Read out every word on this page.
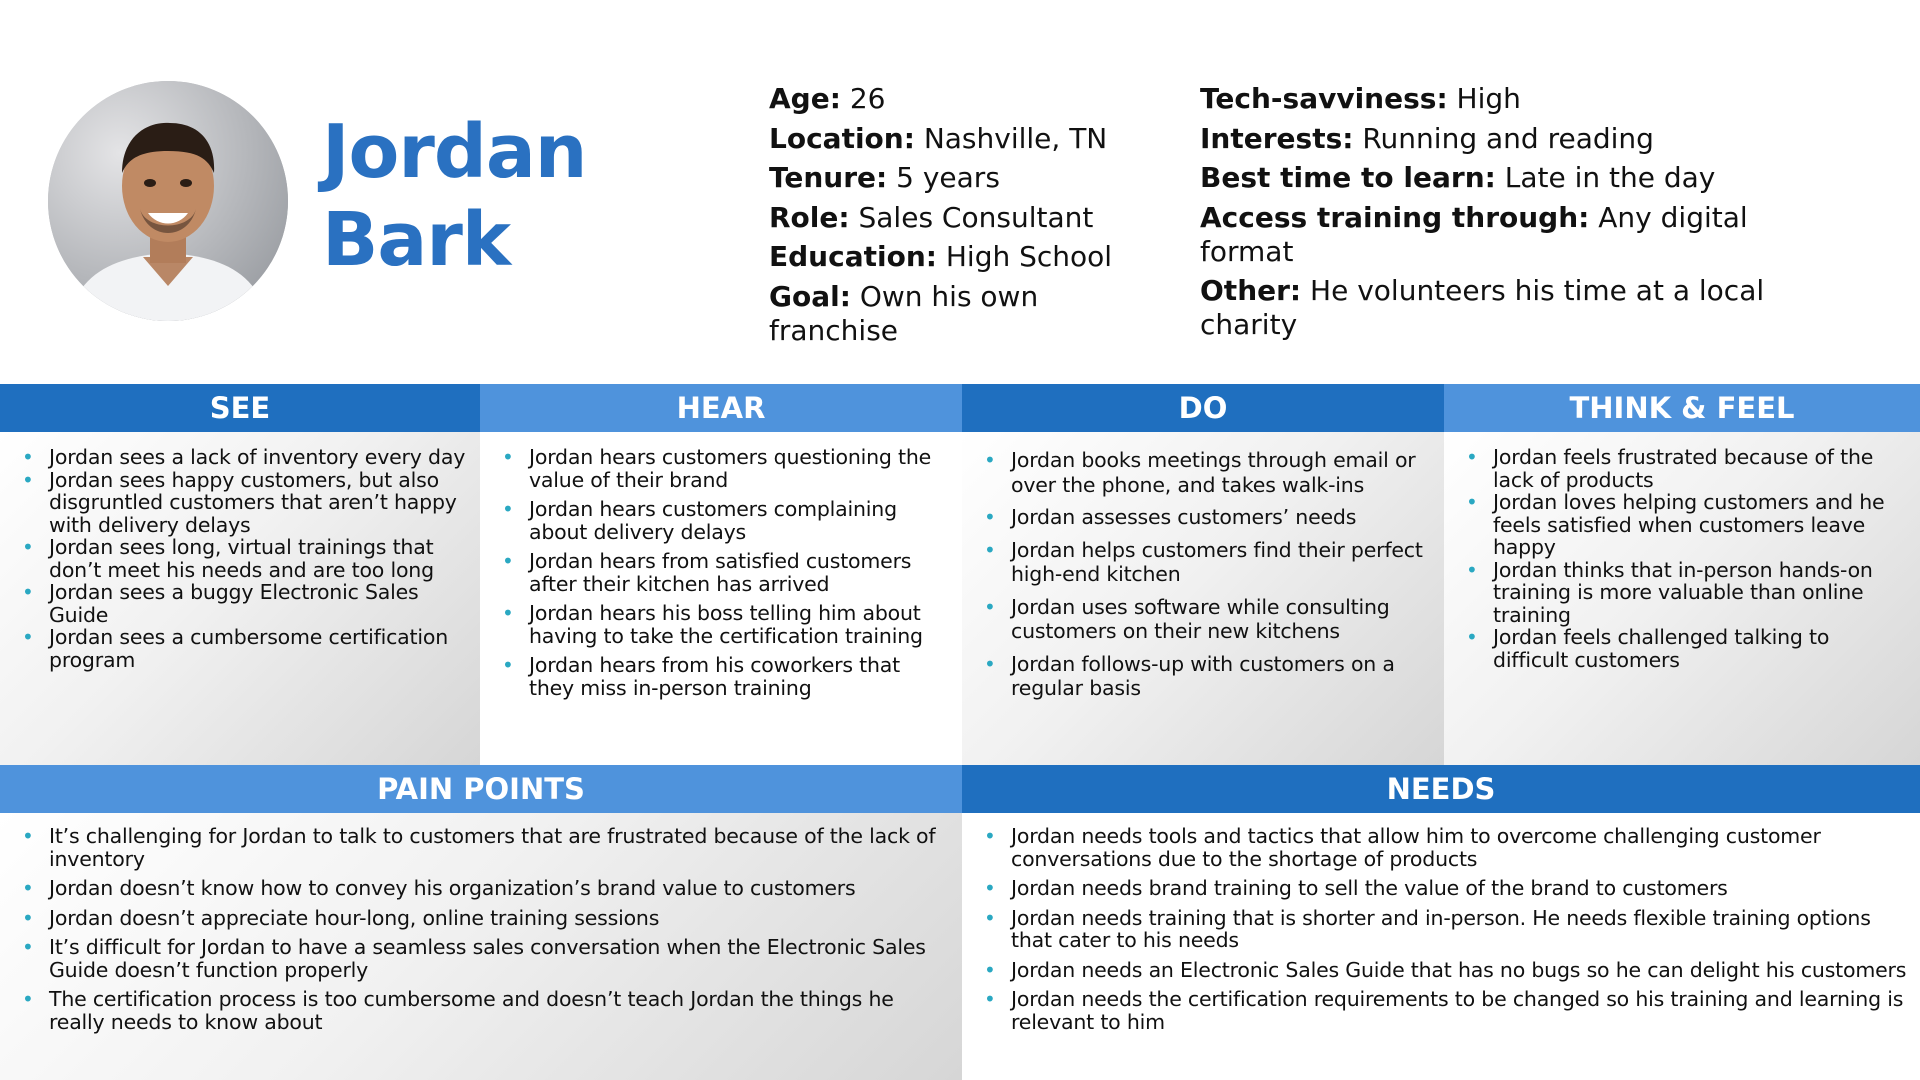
Jordan
Bark
Age: 26
Location: Nashville, TN
Tenure: 5 years
Role: Sales Consultant
Education: High School
Goal: Own his own franchise
Tech-savviness: High
Interests: Running and reading
Best time to learn: Late in the day
Access training through: Any digital format
Other: He volunteers his time at a local charity
SEE
• Jordan sees a lack of inventory every day
• Jordan sees happy customers, but also disgruntled customers that aren’t happy with delivery delays
• Jordan sees long, virtual trainings that don’t meet his needs and are too long
• Jordan sees a buggy Electronic Sales Guide
• Jordan sees a cumbersome certification program
HEAR
• Jordan hears customers questioning the value of their brand
• Jordan hears customers complaining about delivery delays
• Jordan hears from satisfied customers after their kitchen has arrived
• Jordan hears his boss telling him about having to take the certification training
• Jordan hears from his coworkers that they miss in-person training
DO
• Jordan books meetings through email or over the phone, and takes walk-ins
• Jordan assesses customers’ needs
• Jordan helps customers find their perfect high-end kitchen
• Jordan uses software while consulting customers on their new kitchens
• Jordan follows-up with customers on a regular basis
THINK & FEEL
• Jordan feels frustrated because of the lack of products
• Jordan loves helping customers and he feels satisfied when customers leave happy
• Jordan thinks that in-person hands-on training is more valuable than online training
• Jordan feels challenged talking to difficult customers
PAIN POINTS
• It’s challenging for Jordan to talk to customers that are frustrated because of the lack of inventory
• Jordan doesn’t know how to convey his organization’s brand value to customers
• Jordan doesn’t appreciate hour-long, online training sessions
• It’s difficult for Jordan to have a seamless sales conversation when the Electronic Sales Guide doesn’t function properly
• The certification process is too cumbersome and doesn’t teach Jordan the things he really needs to know about
NEEDS
• Jordan needs tools and tactics that allow him to overcome challenging customer conversations due to the shortage of products
• Jordan needs brand training to sell the value of the brand to customers
• Jordan needs training that is shorter and in-person. He needs flexible training options that cater to his needs
• Jordan needs an Electronic Sales Guide that has no bugs so he can delight his customers
• Jordan needs the certification requirements to be changed so his training and learning is relevant to him
